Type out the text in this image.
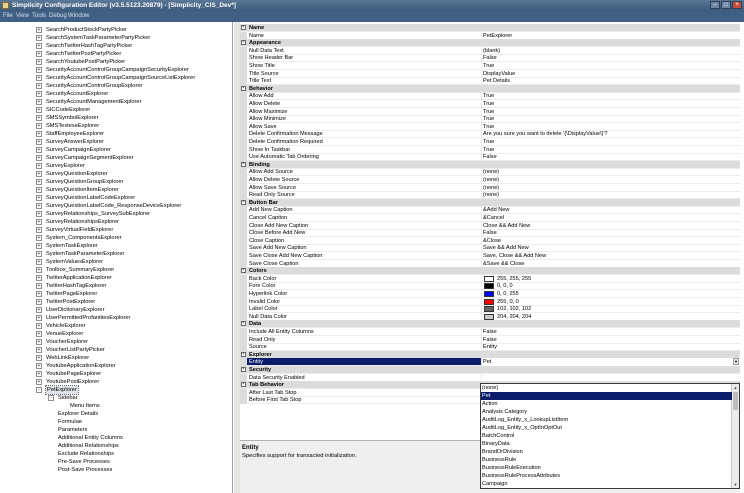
Simplicity Configuration Editor (v3.5.5123.20879) - [Simplicity_CIS_Dev*]	–	□	×
File View Tools Debug Window
+ SearchProductStockPartyPicker
+ SearchSystemTaskParameterPartyPicker
+ SearchTwitterHashTagPartyPicker
+ SearchTwitterPostPartyPicker
+ SearchYoutubePostPartyPicker
+ SecurityAccountControlGroupCampaignSecurityExplorer
+ SecurityAccountControlGroupCampaignSourceListExplorer
+ SecurityAccountControlGroupExplorer
+ SecurityAccountExplorer
+ SecurityAccountManagementExplorer
+ SICCodeExplorer
+ SMSSymbolExplorer
+ SMSTexteseExplorer
+ StaffEmployeeExplorer
+ SurveyAnswerExplorer
+ SurveyCampaignExplorer
+ SurveyCampaignSegmentExplorer
+ SurveyExplorer
+ SurveyQuestionExplorer
+ SurveyQuestionGroupExplorer
+ SurveyQuestionItemExplorer
+ SurveyQuestionLabelCodeExplorer
+ SurveyQuestionLabelCode_ResponseDeviceExplorer
+ SurveyRelationships_SurveySubExplorer
+ SurveyRelationshipsExplorer
+ SurveyVirtualFieldExplorer
+ System_ComponentsExplorer
+ SystemTaskExplorer
+ SystemTaskParameterExplorer
+ SystemValuesExplorer
+ Toolbox_SummaryExplorer
+ TwitterApplicationExplorer
+ TwitterHashTagExplorer
+ TwitterPageExplorer
+ TwitterPostExplorer
+ UserDictionaryExplorer
+ UserPermittedProfanitiesExplorer
+ VehicleExplorer
+ VenueExplorer
+ VoucherExplorer
+ VoucherListPartyPicker
+ WebLinkExplorer
+ YoutubeApplicationExplorer
+ YoutubePageExplorer
+ YoutubePostExplorer
-	PetExplorer
-	Sidebar
· Menu Items
· Explorer Details
· Formulae
· Parameters
· Additional Entity Columns
· Additional Relationships
· Exclude Relationships
· Pre-Save Processes
· Post-Save Processes
- Name
Name	PetExplorer
- Appearance
Null Data Text	(blank)
Show Header Bar	False
Show Title	True
Title Source	DisplayValue
Title Text	Pet Details
- Behavior
Allow Add	True
Allow Delete	True
Allow Maximize	True
Allow Minimize	True
Allow Save	True
Delete Confirmation Message	Are you sure you want to delete '{\DisplayValue\}'?
Delete Confirmation Required	True
Show In Taskbar	True
Use Automatic Tab Ordering	False
- Binding
Allow Add Source	(none)
Allow Delete Source	(none)
Allow Save Source	(none)
Read Only Source	(none)
- Button Bar
Add New Caption	&Add New
Cancel Caption	&Cancel
Close Add New Caption	Close && Add New
Close Before Add New	False
Close Caption	&Close
Save Add New Caption	Save && Add New
Save Close Add New Caption	Save, Close && Add New
Save Close Caption	&Save && Close
- Colors
Back Color	255, 255, 255
Fore Color	0, 0, 0
Hyperlink Color	0, 0, 255
Invalid Color	255, 0, 0
Label Color	102, 102, 102
Null Data Color	204, 204, 204
- Data
Include All Entity Columns	False
Read Only	False
Source	Entity
- Explorer
Entity	Pet	▼
- Security
Data Security Enabled
- Tab Behavior
After Last Tab Stop
Before First Tab Stop
Entity
Specifies support for transacted initialization.
▲
▼
(none)
Pet
Action
Analysis Category
AuditLog_Entity_x_LookupListItem
AuditLog_Entity_x_OptInOptOut
BatchControl
BinaryData
BrandOrDivision
BusinessRule
BusinessRuleExecution
BusinessRuleProcessAttributes
Campaign
